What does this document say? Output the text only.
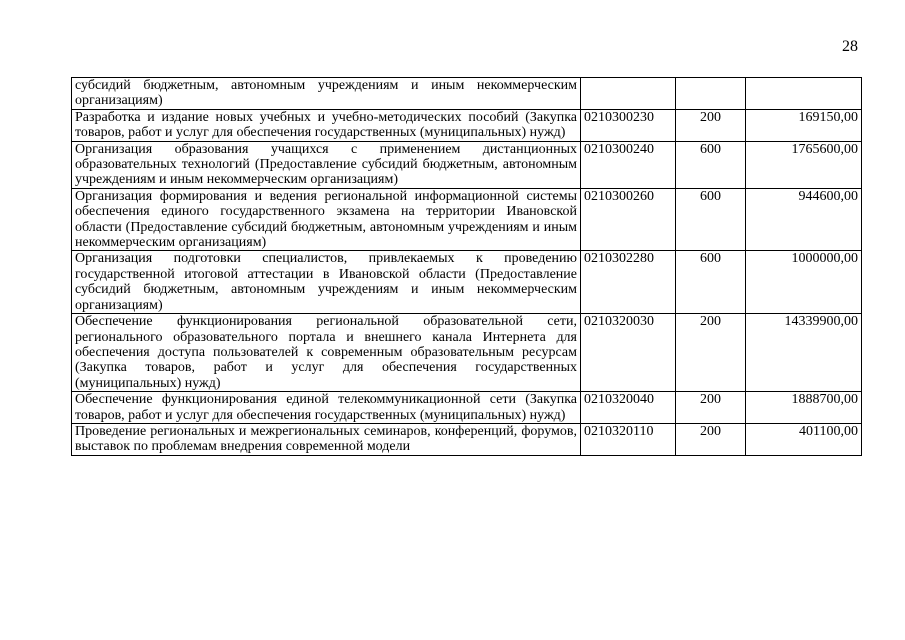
28
субсидий бюджетным, автономным учреждениям и иным некоммерческим организациям)			
Разработка и издание новых учебных и учебно-методических пособий (Закупка товаров, работ и услуг для обеспечения государственных (муниципальных) нужд)	0210300230	200	169150,00
Организация образования учащихся с применением дистанционных образовательных технологий (Предоставление субсидий бюджетным, автономным учреждениям и иным некоммерческим организациям)	0210300240	600	1765600,00
Организация формирования и ведения региональной информационной системы обеспечения единого государственного экзамена на территории Ивановской области (Предоставление субсидий бюджетным, автономным учреждениям и иным некоммерческим организациям)	0210300260	600	944600,00
Организация подготовки специалистов, привлекаемых к проведению государственной итоговой аттестации в Ивановской области (Предоставление субсидий бюджетным, автономным учреждениям и иным некоммерческим организациям)	0210302280	600	1000000,00
Обеспечение функционирования региональной образовательной сети, регионального образовательного портала и внешнего канала Интернета для обеспечения доступа пользователей к современным образовательным ресурсам (Закупка товаров, работ и услуг для обеспечения государственных (муниципальных) нужд)	0210320030	200	14339900,00
Обеспечение функционирования единой телекоммуникационной сети (Закупка товаров, работ и услуг для обеспечения государственных (муниципальных) нужд)	0210320040	200	1888700,00
Проведение региональных и межрегиональных семинаров, конференций, форумов, выставок по проблемам внедрения современной модели	0210320110	200	401100,00
